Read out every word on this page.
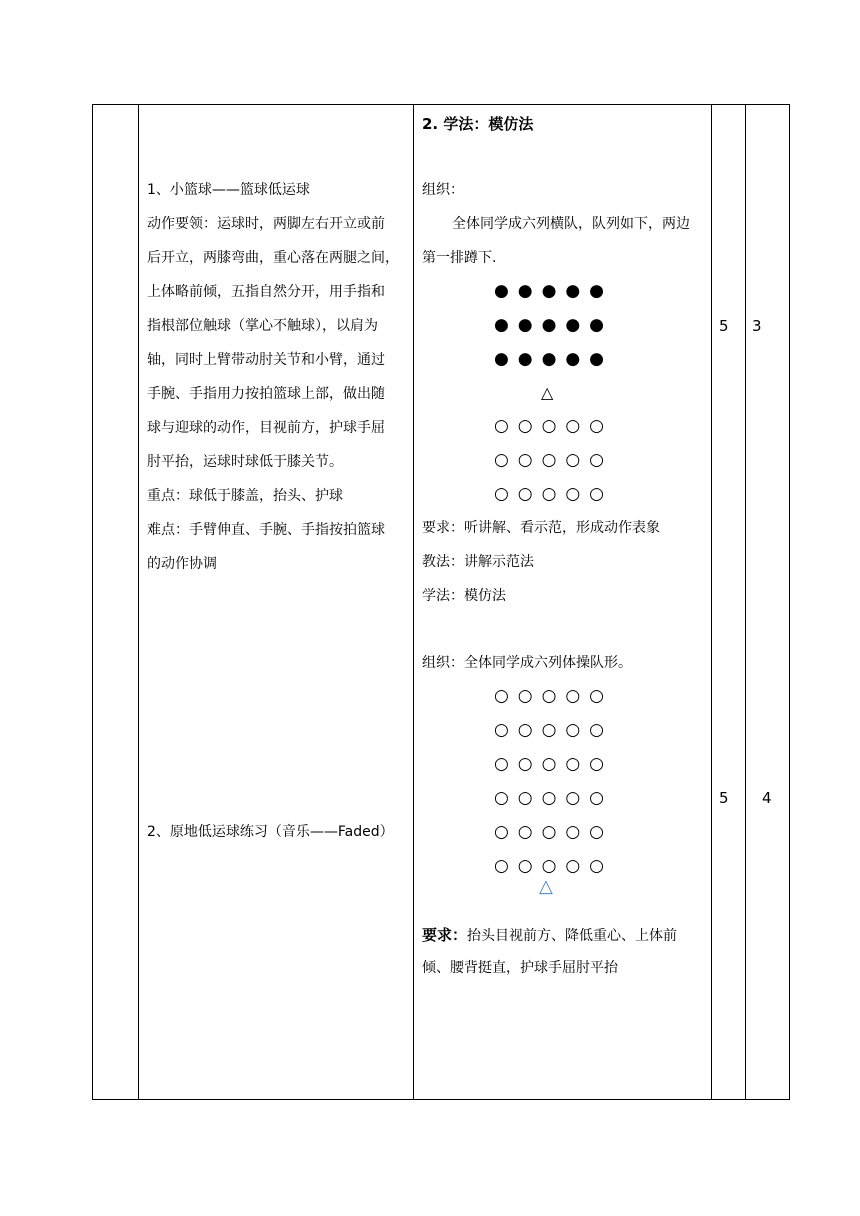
1、小篮球——篮球低运球
动作要领：运球时，两脚左右开立或前
后开立，两膝弯曲，重心落在两腿之间，
上体略前倾，五指自然分开，用手指和
指根部位触球（掌心不触球），以肩为
轴，同时上臂带动肘关节和小臂，通过
手腕、手指用力按拍篮球上部，做出随
球与迎球的动作，目视前方，护球手屈
肘平抬，运球时球低于膝关节。
重点：球低于膝盖，抬头、护球
难点：手臂伸直、手腕、手指按拍篮球
的动作协调
2、原地低运球练习（音乐——Faded）
2. 学法：模仿法
组织：
全体同学成六列横队，队列如下，两边
第一排蹲下.
● ● ● ● ●
● ● ● ● ●
● ● ● ● ●
△
○ ○ ○ ○ ○
○ ○ ○ ○ ○
○ ○ ○ ○ ○
要求：听讲解、看示范，形成动作表象
教法：讲解示范法
学法：模仿法
组织：全体同学成六列体操队形。
○ ○ ○ ○ ○
○ ○ ○ ○ ○
○ ○ ○ ○ ○
○ ○ ○ ○ ○
○ ○ ○ ○ ○
○ ○ ○ ○ ○
△
要求：抬头目视前方、降低重心、上体前
倾、腰背挺直，护球手屈肘平抬
5 3
5 4
